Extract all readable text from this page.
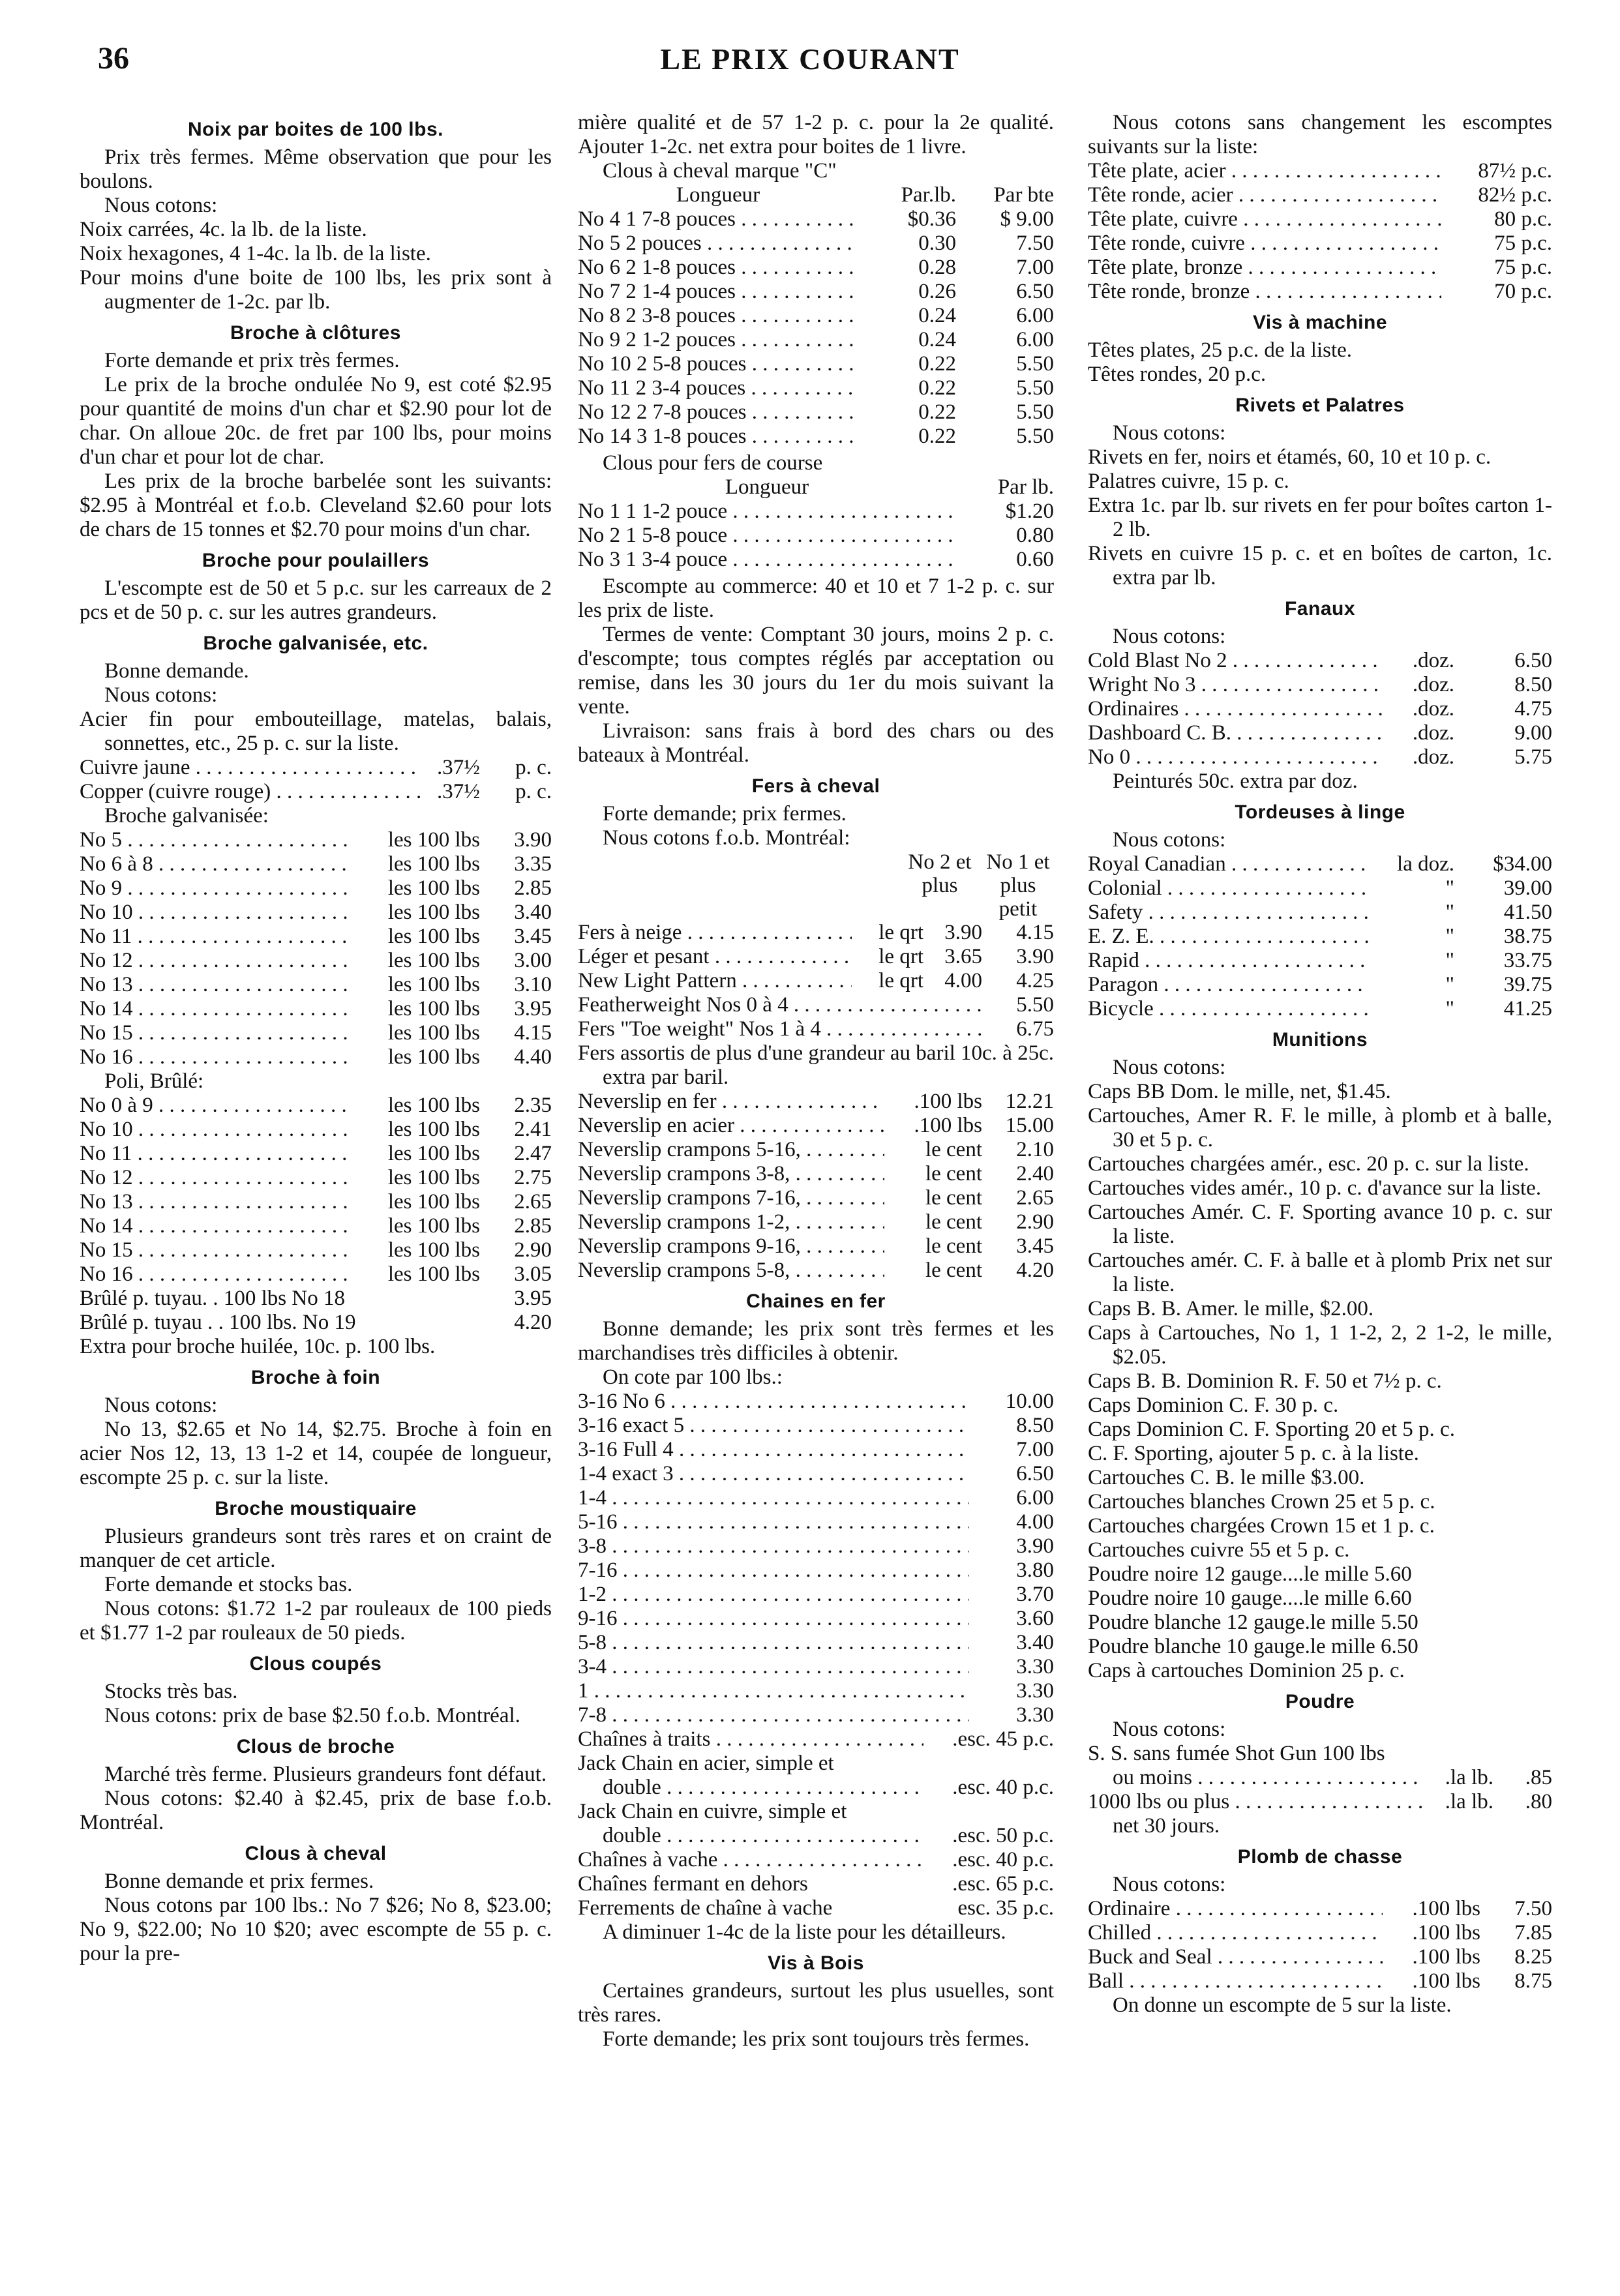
36	LE PRIX COURANT
Noix par boites de 100 lbs.
Prix très fermes. Même observation que pour les boulons.
Nous cotons:
Noix carrées, 4c. la lb. de la liste.
Noix hexagones, 4 1-4c. la lb. de la liste.
Pour moins d'une boite de 100 lbs, les prix sont à augmenter de 1-2c. par lb.
Broche à clôtures
Forte demande et prix très fermes.
Le prix de la broche ondulée No 9, est coté $2.95 pour quantité de moins d'un char et $2.90 pour lot de char. On alloue 20c. de fret par 100 lbs, pour moins d'un char et pour lot de char.
Les prix de la broche barbelée sont les suivants: $2.95 à Montréal et f.o.b. Cleveland $2.60 pour lots de chars de 15 tonnes et $2.70 pour moins d'un char.
Broche pour poulaillers
L'escompte est de 50 et 5 p.c. sur les carreaux de 2 pcs et de 50 p. c. sur les autres grandeurs.
Broche galvanisée, etc.
Bonne demande.
Nous cotons:
Acier fin pour embouteillage, matelas, balais, sonnettes, etc., 25 p. c. sur la liste.
Cuivre jaune . . .	.37½	p. c.
Copper (cuivre rouge) . . .	.37½	p. c.
Broche galvanisée:
No 5 . . .	les 100 lbs	3.90
No 6 à 8 . . .	les 100 lbs	3.35
No 9 . . .	les 100 lbs	2.85
No 10 . . .	les 100 lbs	3.40
No 11 . . .	les 100 lbs	3.45
No 12 . . .	les 100 lbs	3.00
No 13 . . .	les 100 lbs	3.10
No 14 . . .	les 100 lbs	3.95
No 15 . . .	les 100 lbs	4.15
No 16 . . .	les 100 lbs	4.40
Poli, Brûlé:
No 0 à 9 . . .	les 100 lbs	2.35
No 10 . . .	les 100 lbs	2.41
No 11 . . .	les 100 lbs	2.47
No 12 . . .	les 100 lbs	2.75
No 13 . . .	les 100 lbs	2.65
No 14 . . .	les 100 lbs	2.85
No 15 . . .	les 100 lbs	2.90
No 16 . . .	les 100 lbs	3.05
Brûlé p. tuyau. . 100 lbs No 18	3.95
Brûlé p. tuyau . . 100 lbs. No 19	4.20
Extra pour broche huilée, 10c. p. 100 lbs.
Broche à foin
Nous cotons:
No 13, $2.65 et No 14, $2.75. Broche à foin en acier Nos 12, 13, 13 1-2 et 14, coupée de longueur, escompte 25 p. c. sur la liste.
Broche moustiquaire
Plusieurs grandeurs sont très rares et on craint de manquer de cet article.
Forte demande et stocks bas.
Nous cotons: $1.72 1-2 par rouleaux de 100 pieds et $1.77 1-2 par rouleaux de 50 pieds.
Clous coupés
Stocks très bas.
Nous cotons: prix de base $2.50 f.o.b. Montréal.
Clous de broche
Marché très ferme. Plusieurs grandeurs font défaut.
Nous cotons: $2.40 à $2.45, prix de base f.o.b. Montréal.
Clous à cheval
Bonne demande et prix fermes.
Nous cotons par 100 lbs.: No 7 $26; No 8, $23.00; No 9, $22.00; No 10 $20; avec escompte de 55 p. c. pour la pre-
mière qualité et de 57 1-2 p. c. pour la 2e qualité. Ajouter 1-2c. net extra pour boites de 1 livre.
Clous à cheval marque "C"
Longueur	Par.lb.	Par bte
No 4 1 7-8 pouces . . .	$0.36	$ 9.00
No 5 2 pouces . . .	0.30	7.50
No 6 2 1-8 pouces . . .	0.28	7.00
No 7 2 1-4 pouces . . .	0.26	6.50
No 8 2 3-8 pouces . . .	0.24	6.00
No 9 2 1-2 pouces . . .	0.24	6.00
No 10 2 5-8 pouces . . .	0.22	5.50
No 11 2 3-4 pouces . . .	0.22	5.50
No 12 2 7-8 pouces . . .	0.22	5.50
No 14 3 1-8 pouces . . .	0.22	5.50
Clous pour fers de course
Longueur	Par lb.
No 1 1 1-2 pouce . . .	$1.20
No 2 1 5-8 pouce . . .	0.80
No 3 1 3-4 pouce . . .	0.60
Escompte au commerce: 40 et 10 et 7 1-2 p. c. sur les prix de liste.
Termes de vente: Comptant 30 jours, moins 2 p. c. d'escompte; tous comptes réglés par acceptation ou remise, dans les 30 jours du 1er du mois suivant la vente.
Livraison: sans frais à bord des chars ou des bateaux à Montréal.
Fers à cheval
Forte demande; prix fermes.
Nous cotons f.o.b. Montréal:
No 2 et plus
No 1 et plus petit
Fers à neige . . .	le qrt 3.90	4.15
Léger et pesant . . .	le qrt 3.65	3.90
New Light Pattern . . .	le qrt 4.00	4.25
Featherweight Nos 0 à 4 . . .	5.50
Fers "Toe weight" Nos 1 à 4 . . .	6.75
Fers assortis de plus d'une grandeur au baril 10c. à 25c. extra par baril.
Neverslip en fer . . .	.100 lbs	12.21
Neverslip en acier . . .	.100 lbs	15.00
Neverslip crampons 5-16, . . .	le cent	2.10
Neverslip crampons 3-8, . . .	le cent	2.40
Neverslip crampons 7-16, . . .	le cent	2.65
Neverslip crampons 1-2, . . .	le cent	2.90
Neverslip crampons 9-16, . . .	le cent	3.45
Neverslip crampons 5-8, . . .	le cent	4.20
Chaines en fer
Bonne demande; les prix sont très fermes et les marchandises très difficiles à obtenir.
On cote par 100 lbs.:
3-16 No 6 . . .	10.00
3-16 exact 5 . . .	8.50
3-16 Full 4 . . .	7.00
1-4 exact 3 . . .	6.50
1-4 . . .	6.00
5-16 . . .	4.00
3-8 . . .	3.90
7-16 . . .	3.80
1-2 . . .	3.70
9-16 . . .	3.60
5-8 . . .	3.40
3-4 . . .	3.30
1 . . .	3.30
7-8 . . .	3.30
Chaînes à traits . . .	.esc. 45 p.c.
Jack Chain en acier, simple et
double . . .	.esc. 40 p.c.
Jack Chain en cuivre, simple et
double . . .	.esc. 50 p.c.
Chaînes à vache . . .	.esc. 40 p.c.
Chaînes fermant en dehors	.esc. 65 p.c.
Ferrements de chaîne à vache	esc. 35 p.c.
A diminuer 1-4c de la liste pour les détailleurs.
Vis à Bois
Certaines grandeurs, surtout les plus usuelles, sont très rares.
Forte demande; les prix sont toujours très fermes.
Nous cotons sans changement les escomptes suivants sur la liste:
Tête plate, acier . . .	87½ p.c.
Tête ronde, acier . . .	82½ p.c.
Tête plate, cuivre . . .	80 p.c.
Tête ronde, cuivre . . .	75 p.c.
Tête plate, bronze . . .	75 p.c.
Tête ronde, bronze . . .	70 p.c.
Vis à machine
Têtes plates, 25 p.c. de la liste.
Têtes rondes, 20 p.c.
Rivets et Palatres
Nous cotons:
Rivets en fer, noirs et étamés, 60, 10 et 10 p. c.
Palatres cuivre, 15 p. c.
Extra 1c. par lb. sur rivets en fer pour boîtes carton 1-2 lb.
Rivets en cuivre 15 p. c. et en boîtes de carton, 1c. extra par lb.
Fanaux
Nous cotons:
Cold Blast No 2 . . .	.doz.	6.50
Wright No 3 . . .	.doz.	8.50
Ordinaires . . .	.doz.	4.75
Dashboard C. B. . . .	.doz.	9.00
No 0 . . .	.doz.	5.75
Peinturés 50c. extra par doz.
Tordeuses à linge
Nous cotons:
Royal Canadian . . .	la doz.	$34.00
Colonial . . .	"	39.00
Safety . . .	"	41.50
E. Z. E. . . .	"	38.75
Rapid . . .	"	33.75
Paragon . . .	"	39.75
Bicycle . . .	"	41.25
Munitions
Nous cotons:
Caps BB Dom. le mille, net, $1.45.
Cartouches, Amer R. F. le mille, à plomb et à balle, 30 et 5 p. c.
Cartouches chargées amér., esc. 20 p. c. sur la liste.
Cartouches vides amér., 10 p. c. d'avance sur la liste.
Cartouches Amér. C. F. Sporting avance 10 p. c. sur la liste.
Cartouches amér. C. F. à balle et à plomb Prix net sur la liste.
Caps B. B. Amer. le mille, $2.00.
Caps à Cartouches, No 1, 1 1-2, 2, 2 1-2, le mille, $2.05.
Caps B. B. Dominion R. F. 50 et 7½ p. c.
Caps Dominion C. F. 30 p. c.
Caps Dominion C. F. Sporting 20 et 5 p. c.
C. F. Sporting, ajouter 5 p. c. à la liste.
Cartouches C. B. le mille $3.00.
Cartouches blanches Crown 25 et 5 p. c.
Cartouches chargées Crown 15 et 1 p. c.
Cartouches cuivre 55 et 5 p. c.
Poudre noire 12 gauge....le mille 5.60
Poudre noire 10 gauge....le mille 6.60
Poudre blanche 12 gauge.le mille 5.50
Poudre blanche 10 gauge.le mille 6.50
Caps à cartouches Dominion 25 p. c.
Poudre
Nous cotons:
S. S. sans fumée Shot Gun 100 lbs
ou moins . . .	.la lb.	.85
1000 lbs ou plus . . .	.la lb.	.80
net 30 jours.
Plomb de chasse
Nous cotons:
Ordinaire . . .	.100 lbs	7.50
Chilled . . .	.100 lbs	7.85
Buck and Seal . . .	.100 lbs	8.25
Ball . . .	.100 lbs	8.75
On donne un escompte de 5 sur la liste.
